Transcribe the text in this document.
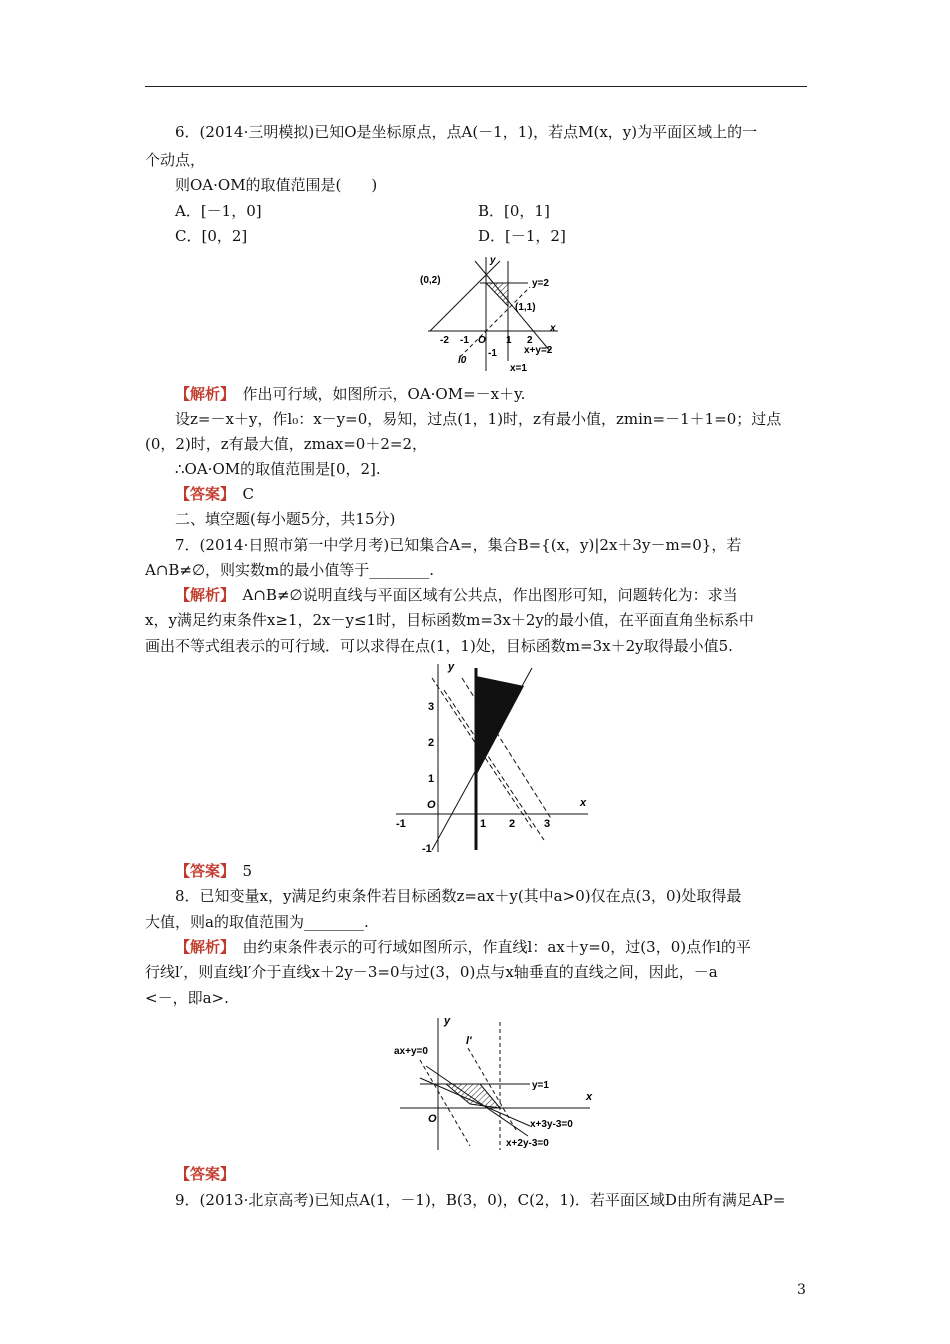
6．(2014·三明模拟)已知O是坐标原点，点A(－1，1)，若点M(x，y)为平面区域上的一
个动点，
则OA·OM的取值范围是(　　)
A．[－1，0]	B．[0，1]
C．[0，2]	D．[－1，2]
(0,2)	y=2
(1,1)
x+y=2
x=1
l0
O
-2 -1	1 2
-1
x
y
【解析】　作出可行域，如图所示，OA·OM=－x＋y.
设z=－x＋y，作l₀：x－y=0，易知，过点(1，1)时，z有最小值，zmin=－1＋1=0；过点
(0，2)时，z有最大值，zmax=0＋2=2，
∴OA·OM的取值范围是[0，2].
【答案】　C
二、填空题(每小题5分，共15分)
7．(2014·日照市第一中学月考)已知集合A=，集合B={(x，y)|2x＋3y－m=0}，若
A∩B≠∅，则实数m的最小值等于________.
【解析】　A∩B≠∅说明直线与平面区域有公共点，作出图形可知，问题转化为：求当
x，y满足约束条件x≥1，2x－y≤1时，目标函数m=3x＋2y的最小值，在平面直角坐标系中
画出不等式组表示的可行域．可以求得在点(1，1)处，目标函数m=3x＋2y取得最小值5.
y
x
O
1 2	3
-1
1
2
3
-1
【答案】　5
8．已知变量x，y满足约束条件若目标函数z=ax＋y(其中a>0)仅在点(3，0)处取得最
大值，则a的取值范围为________.
【解析】　由约束条件表示的可行域如图所示，作直线l：ax＋y=0，过(3，0)点作l的平
行线l′，则直线l′介于直线x＋2y－3=0与过(3，0)点与x轴垂直的直线之间，因此，－a
<－，即a>.
y
x
ax+y=0
l'
y=1
O	x+3y-3=0
x+2y-3=0
【答案】
9．(2013·北京高考)已知点A(1，－1)，B(3，0)，C(2，1)．若平面区域D由所有满足AP=
3
